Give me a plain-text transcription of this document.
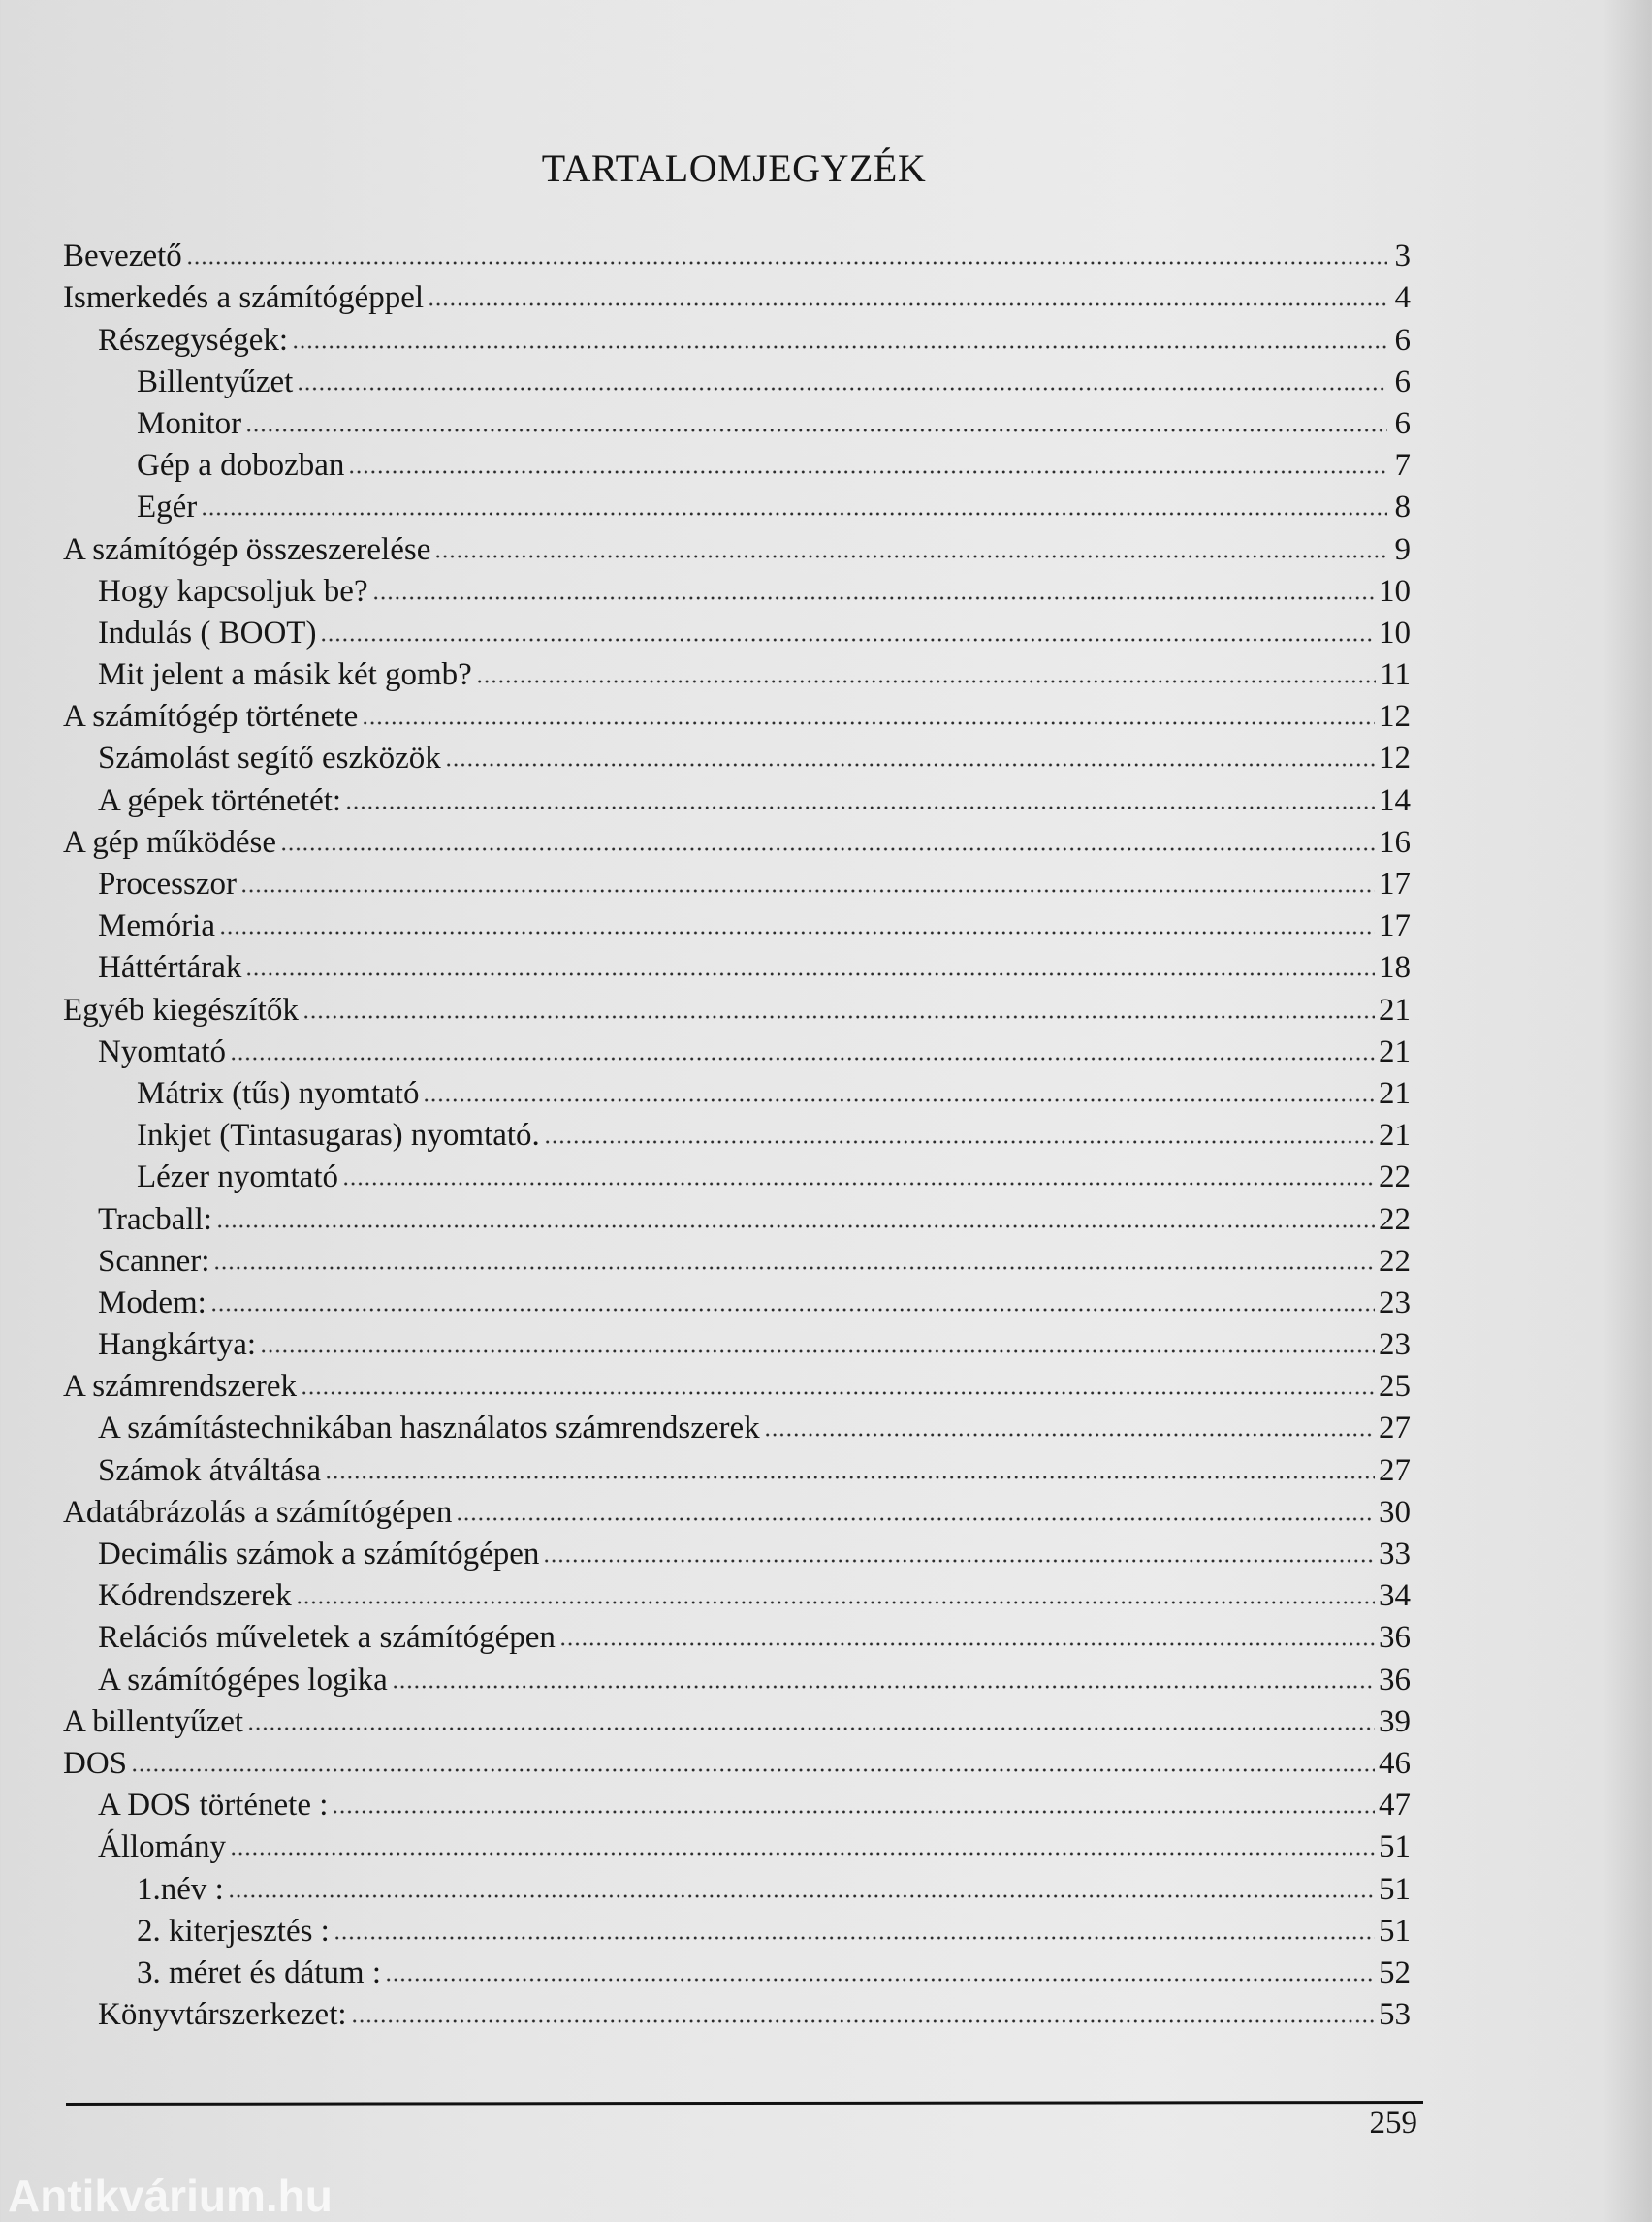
TARTALOMJEGYZÉK
Bevezető	3
Ismerkedés a számítógéppel	4
Részegységek:	6
Billentyűzet	6
Monitor	6
Gép a dobozban	7
Egér	8
A számítógép összeszerelése	9
Hogy kapcsoljuk be?	10
Indulás ( BOOT)	10
Mit jelent a másik két gomb?	11
A számítógép története	12
Számolást segítő eszközök	12
A gépek történetét:	14
A gép működése	16
Processzor	17
Memória	17
Háttértárak	18
Egyéb kiegészítők	21
Nyomtató	21
Mátrix (tűs) nyomtató	21
Inkjet (Tintasugaras) nyomtató.	21
Lézer nyomtató	22
Tracball:	22
Scanner:	22
Modem:	23
Hangkártya:	23
A számrendszerek	25
A számítástechnikában használatos számrendszerek	27
Számok átváltása	27
Adatábrázolás a számítógépen	30
Decimális számok a számítógépen	33
Kódrendszerek	34
Relációs műveletek a számítógépen	36
A számítógépes logika	36
A billentyűzet	39
DOS	46
A DOS története :	47
Állomány	51
1.név :	51
2. kiterjesztés :	51
3. méret és dátum :	52
Könyvtárszerkezet:	53
259
Antikvárium.hu
